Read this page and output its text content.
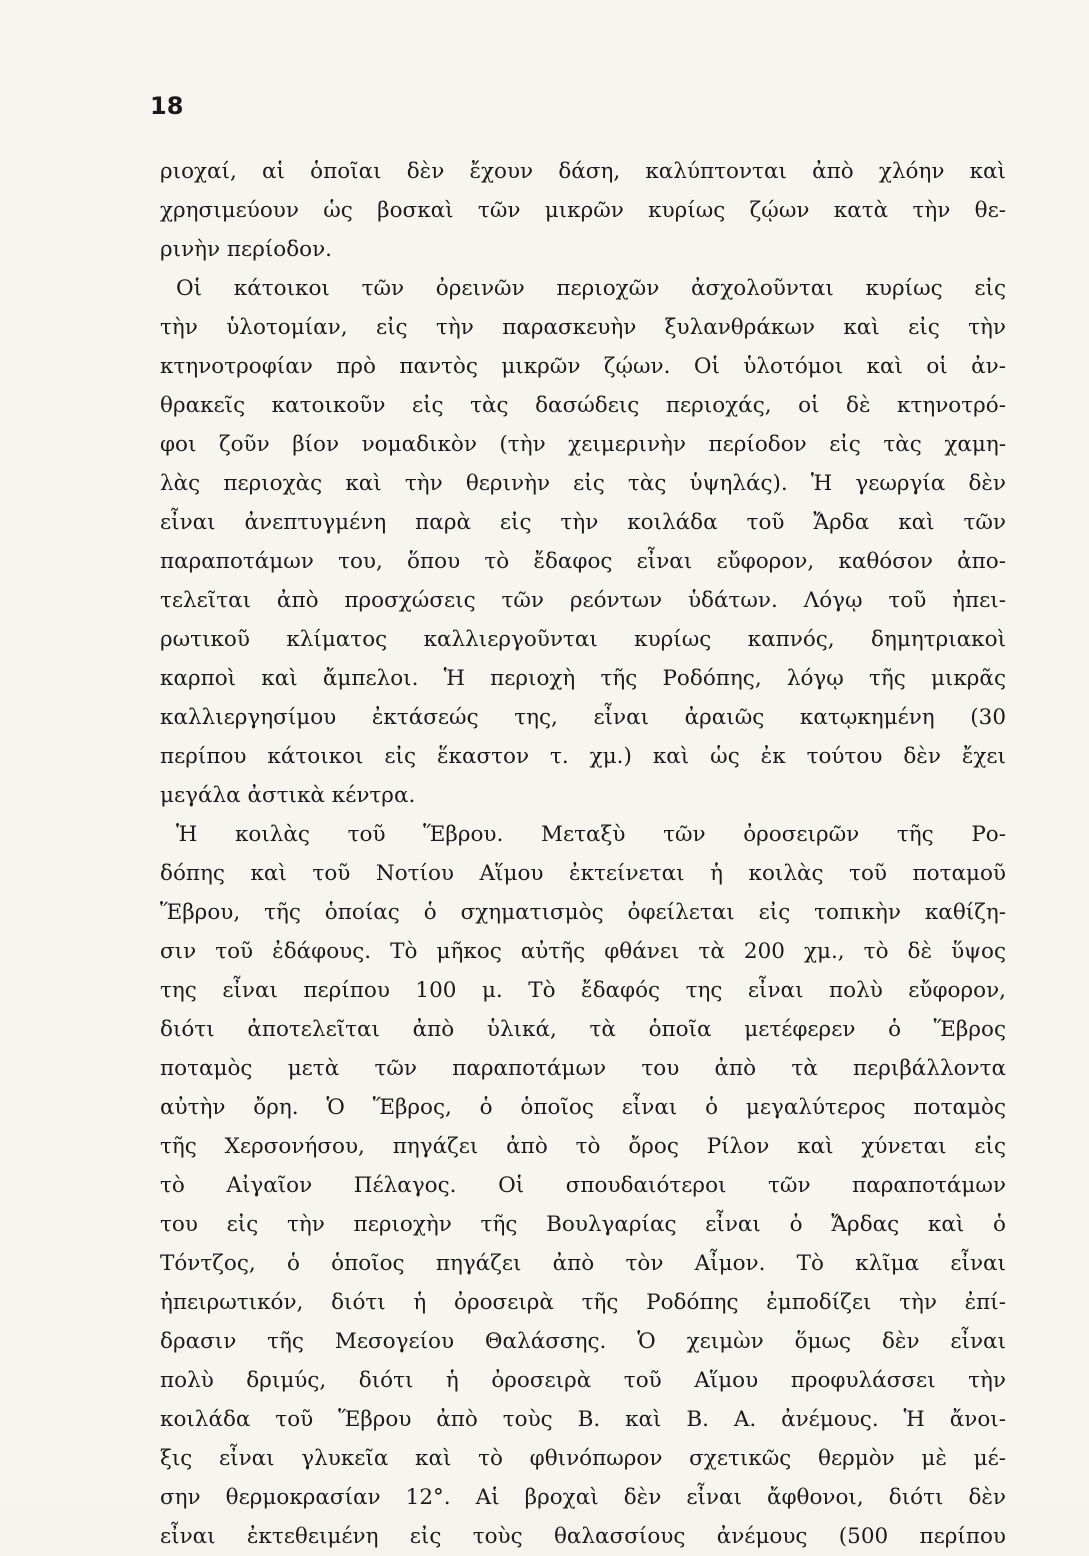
18
ριοχαί, αἱ ὁποῖαι δὲν ἔχουν δάση, καλύπτονται ἀπὸ χλόην καὶ
χρησιμεύουν ὡς βοσκαὶ τῶν μικρῶν κυρίως ζῴων κατὰ τὴν θε-
ρινὴν περίοδον.
Οἱ κάτοικοι τῶν ὀρεινῶν περιοχῶν ἀσχολοῦνται κυρίως εἰς
τὴν ὑλοτομίαν, εἰς τὴν παρασκευὴν ξυλανθράκων καὶ εἰς τὴν
κτηνοτροφίαν πρὸ παντὸς μικρῶν ζῴων. Οἱ ὑλοτόμοι καὶ οἱ ἀν-
θρακεῖς κατοικοῦν εἰς τὰς δασώδεις περιοχάς, οἱ δὲ κτηνοτρό-
φοι ζοῦν βίον νομαδικὸν (τὴν χειμερινὴν περίοδον εἰς τὰς χαμη-
λὰς περιοχὰς καὶ τὴν θερινὴν εἰς τὰς ὑψηλάς). Ἡ γεωργία δὲν
εἶναι ἀνεπτυγμένη παρὰ εἰς τὴν κοιλάδα τοῦ Ἄρδα καὶ τῶν
παραποτάμων του, ὅπου τὸ ἔδαφος εἶναι εὔφορον, καθόσον ἀπο-
τελεῖται ἀπὸ προσχώσεις τῶν ρεόντων ὑδάτων. Λόγῳ τοῦ ἠπει-
ρωτικοῦ κλίματος καλλιεργοῦνται κυρίως καπνός, δημητριακοὶ
καρποὶ καὶ ἄμπελοι. Ἡ περιοχὴ τῆς Ροδόπης, λόγῳ τῆς μικρᾶς
καλλιεργησίμου ἐκτάσεώς της, εἶναι ἀραιῶς κατῳκημένη (30
περίπου κάτοικοι εἰς ἕκαστον τ. χμ.) καὶ ὡς ἐκ τούτου δὲν ἔχει
μεγάλα ἀστικὰ κέντρα.
Ἡ κοιλὰς τοῦ Ἕβρου. Μεταξὺ τῶν ὀροσειρῶν τῆς Ρο-
δόπης καὶ τοῦ Νοτίου Αἵμου ἐκτείνεται ἡ κοιλὰς τοῦ ποταμοῦ
Ἕβρου, τῆς ὁποίας ὁ σχηματισμὸς ὀφείλεται εἰς τοπικὴν καθίζη-
σιν τοῦ ἐδάφους. Τὸ μῆκος αὐτῆς φθάνει τὰ 200 χμ., τὸ δὲ ὕψος
της εἶναι περίπου 100 μ. Τὸ ἔδαφός της εἶναι πολὺ εὔφορον,
διότι ἀποτελεῖται ἀπὸ ὑλικά, τὰ ὁποῖα μετέφερεν ὁ Ἕβρος
ποταμὸς μετὰ τῶν παραποτάμων του ἀπὸ τὰ περιβάλλοντα
αὐτὴν ὄρη. Ὁ Ἕβρος, ὁ ὁποῖος εἶναι ὁ μεγαλύτερος ποταμὸς
τῆς Χερσονήσου, πηγάζει ἀπὸ τὸ ὄρος Ρίλον καὶ χύνεται εἰς
τὸ Αἰγαῖον Πέλαγος. Οἱ σπουδαιότεροι τῶν παραποτάμων
του εἰς τὴν περιοχὴν τῆς Βουλγαρίας εἶναι ὁ Ἄρδας καὶ ὁ
Τόντζος, ὁ ὁποῖος πηγάζει ἀπὸ τὸν Αἶμον. Τὸ κλῖμα εἶναι
ἠπειρωτικόν, διότι ἡ ὀροσειρὰ τῆς Ροδόπης ἐμποδίζει τὴν ἐπί-
δρασιν τῆς Μεσογείου Θαλάσσης. Ὁ χειμὼν ὅμως δὲν εἶναι
πολὺ δριμύς, διότι ἡ ὀροσειρὰ τοῦ Αἵμου προφυλάσσει τὴν
κοιλάδα τοῦ Ἕβρου ἀπὸ τοὺς Β. καὶ Β. Α. ἀνέμους. Ἡ ἄνοι-
ξις εἶναι γλυκεῖα καὶ τὸ φθινόπωρον σχετικῶς θερμὸν μὲ μέ-
σην θερμοκρασίαν 12°. Αἱ βροχαὶ δὲν εἶναι ἄφθονοι, διότι δὲν
εἶναι ἐκτεθειμένη εἰς τοὺς θαλασσίους ἀνέμους (500 περίπου
